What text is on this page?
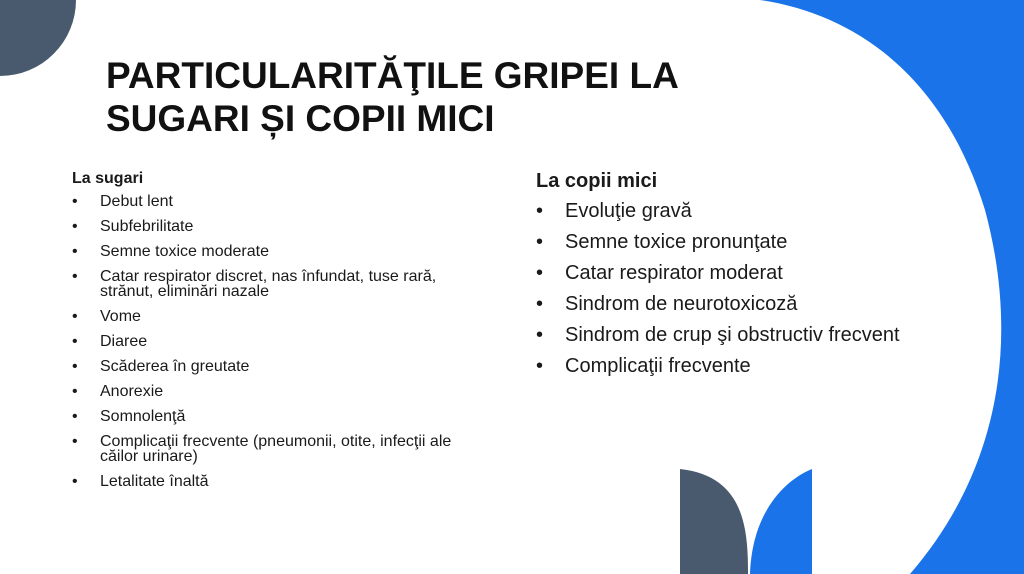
PARTICULARITĂŢILE GRIPEI LA
SUGARI ȘI COPII MICI

La sugari

• Debut lent
• Subfebrilitate
• Semne toxice moderate
• Catar respirator discret, nas înfundat, tuse rară, strănut, eliminări nazale
• Vome
• Diaree
• Scăderea în greutate
• Anorexie
• Somnolenţă
• Complicaţii frecvente (pneumonii, otite, infecţii ale căilor urinare)
• Letalitate înaltă

La copii mici

• Evoluţie gravă
• Semne toxice pronunţate
• Catar respirator moderat
• Sindrom de neurotoxicoză
• Sindrom de crup şi obstructiv frecvent
• Complicaţii frecvente
